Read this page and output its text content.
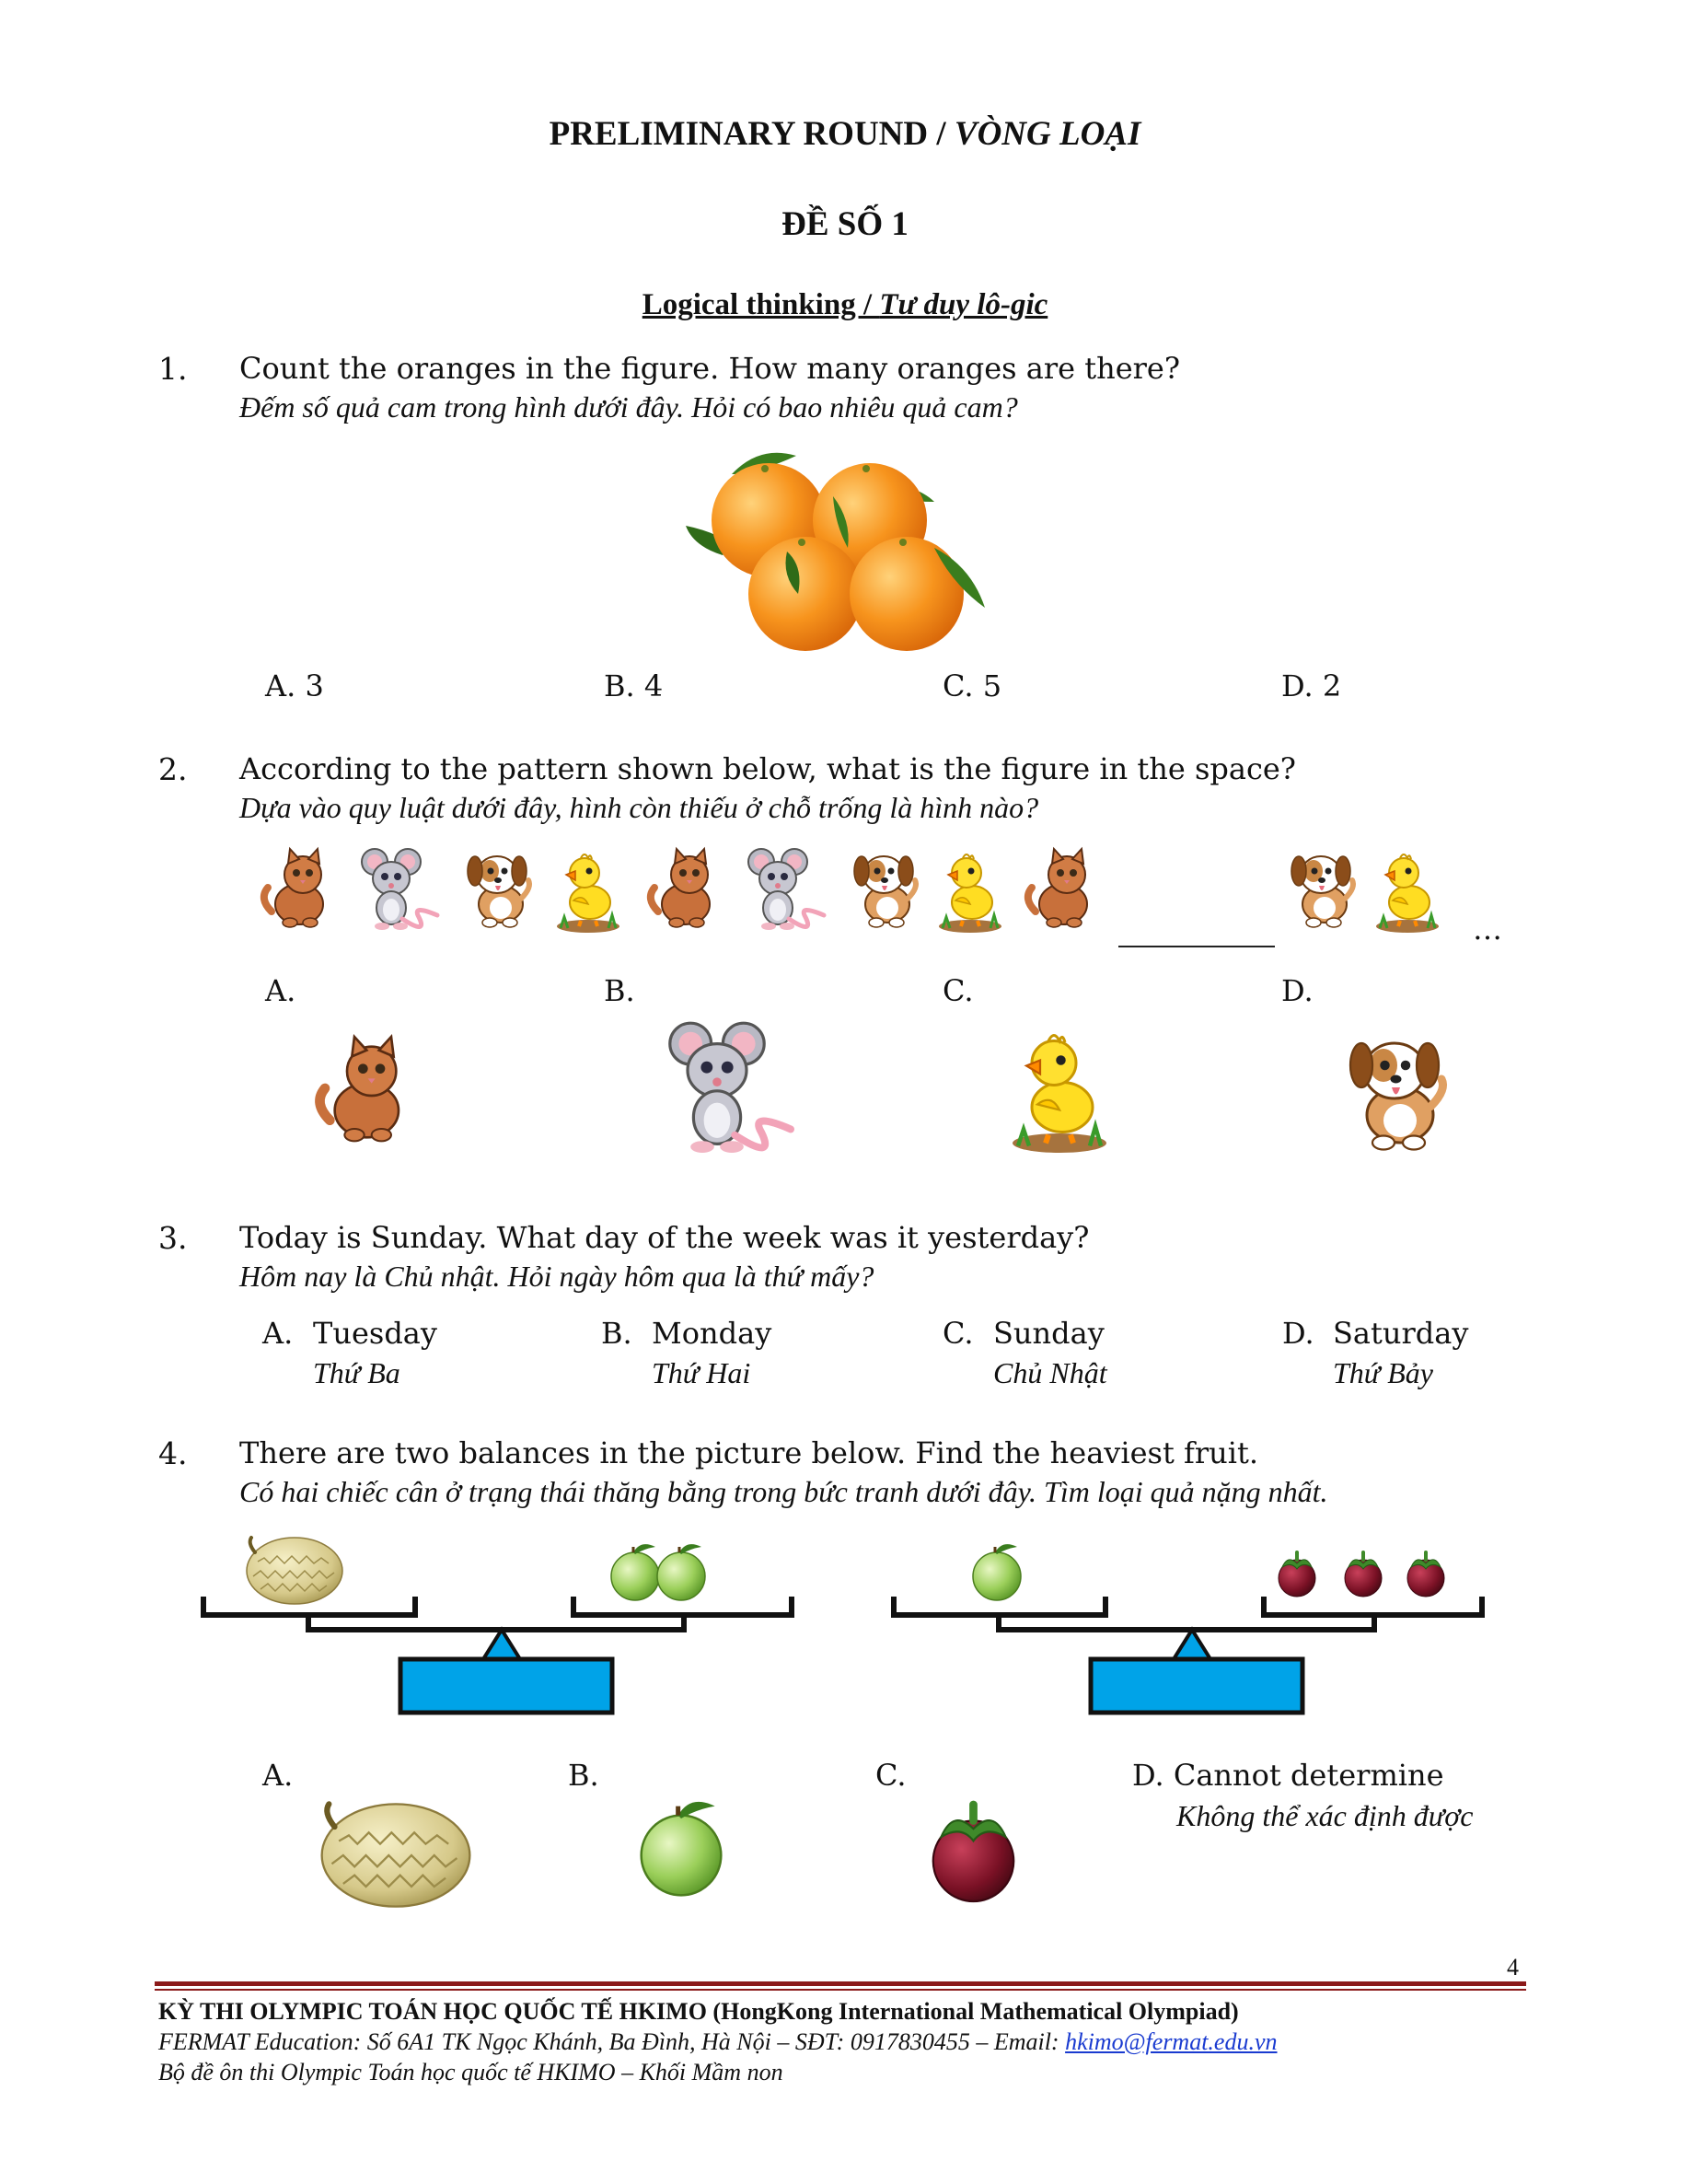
PRELIMINARY ROUND / VÒNG LOẠI
ĐỀ SỐ 1
Logical thinking / Tư duy lô-gic
1. Count the oranges in the figure. How many oranges are there?
Đếm số quả cam trong hình dưới đây. Hỏi có bao nhiêu quả cam?
A. 3	B. 4	C. 5	D. 2
2. According to the pattern shown below, what is the figure in the space?
Dựa vào quy luật dưới đây, hình còn thiếu ở chỗ trống là hình nào?
…
A.	B.	C.	D.
3. Today is Sunday. What day of the week was it yesterday?
Hôm nay là Chủ nhật. Hỏi ngày hôm qua là thứ mấy?
A. Tuesday
Thứ Ba
B. Monday
Thứ Hai
C. Sunday
Chủ Nhật
D. Saturday
Thứ Bảy
4. There are two balances in the picture below. Find the heaviest fruit.
Có hai chiếc cân ở trạng thái thăng bằng trong bức tranh dưới đây. Tìm loại quả nặng nhất.
A.	B.	C.	D. Cannot determine
Không thể xác định được
4
KỲ THI OLYMPIC TOÁN HỌC QUỐC TẾ HKIMO (HongKong International Mathematical Olympiad)
FERMAT Education: Số 6A1 TK Ngọc Khánh, Ba Đình, Hà Nội – SĐT: 0917830455 – Email: hkimo@fermat.edu.vn
Bộ đề ôn thi Olympic Toán học quốc tế HKIMO – Khối Mầm non
